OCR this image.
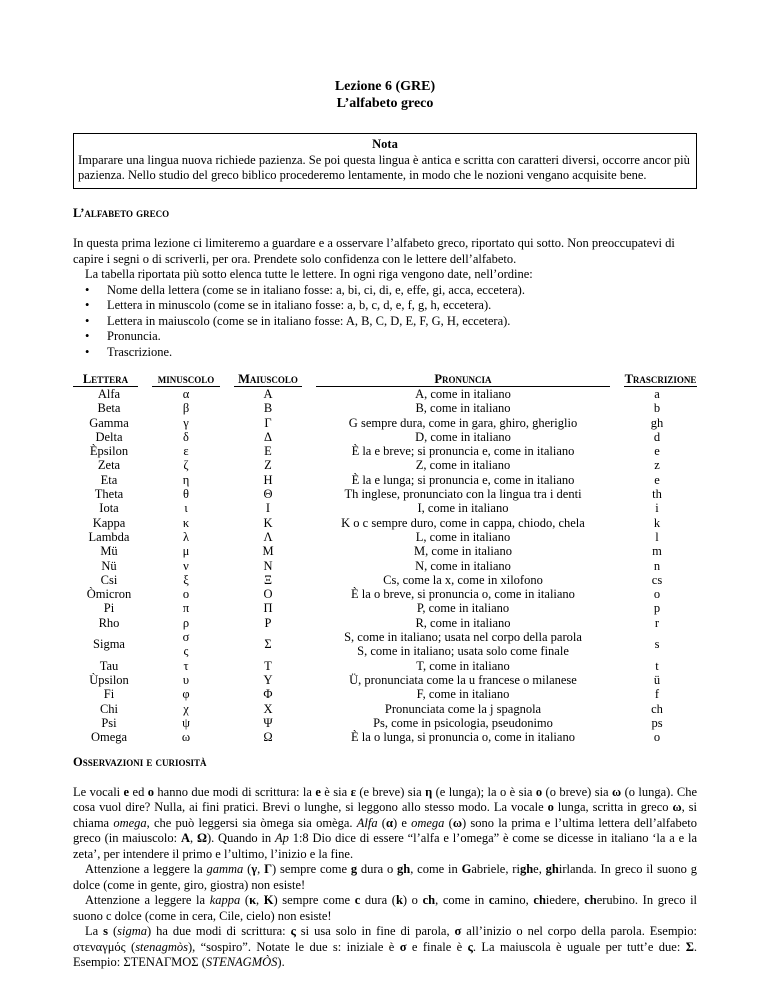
Lezione 6 (GRE)
L’alfabeto greco
Nota
Imparare una lingua nuova richiede pazienza. Se poi questa lingua è antica e scritta con caratteri diversi, occorre ancor più pazienza. Nello studio del greco biblico procederemo lentamente, in modo che le nozioni vengano acquisite bene.
L’alfabeto greco
In questa prima lezione ci limiteremo a guardare e a osservare l’alfabeto greco, riportato qui sotto. Non preoccupatevi di capire i segni o di scriverli, per ora. Prendete solo confidenza con le lettere dell’alfabeto.
La tabella riportata più sotto elenca tutte le lettere. In ogni riga vengono date, nell’ordine:
• Nome della lettera (come se in italiano fosse: a, bi, ci, di, e, effe, gi, acca, eccetera).
• Lettera in minuscolo (come se in italiano fosse: a, b, c, d, e, f, g, h, eccetera).
• Lettera in maiuscolo (come se in italiano fosse: A, B, C, D, E, F, G, H, eccetera).
• Pronuncia.
• Trascrizione.
Lettera	minuscolo	Maiuscolo	Pronuncia	Trascrizione
Alfa	α	Α	A, come in italiano	a
Beta	β	Β	B, come in italiano	b
Gamma	γ	Γ	G sempre dura, come in gara, ghiro, gheriglio	gh
Delta	δ	Δ	D, come in italiano	d
Èpsilon	ε	Ε	È la e breve; si pronuncia e, come in italiano	e
Zeta	ζ	Ζ	Z, come in italiano	z
Eta	η	Η	È la e lunga; si pronuncia e, come in italiano	e
Theta	θ	Θ	Th inglese, pronunciato con la lingua tra i denti	th
Iota	ι	Ι	I, come in italiano	i
Kappa	κ	Κ	K o c sempre duro, come in cappa, chiodo, chela	k
Lambda	λ	Λ	L, come in italiano	l
Mü	μ	Μ	M, come in italiano	m
Nü	ν	Ν	N, come in italiano	n
Csi	ξ	Ξ	Cs, come la x, come in xilofono	cs
Òmicron	ο	Ο	È la o breve, si pronuncia o, come in italiano	o
Pi	π	Π	P, come in italiano	p
Rho	ρ	Ρ	R, come in italiano	r
Sigma	σ	Σ	S, come in italiano; usata nel corpo della parola	s
	ς		S, come in italiano; usata solo come finale	
Tau	τ	Τ	T, come in italiano	t
Ùpsilon	υ	Υ	Ü, pronunciata come la u francese o milanese	ü
Fi	φ	Φ	F, come in italiano	f
Chi	χ	Χ	Pronunciata come la j spagnola	ch
Psi	ψ	Ψ	Ps, come in psicologia, pseudonimo	ps
Omega	ω	Ω	È la o lunga, si pronuncia o, come in italiano	o
Osservazioni e curiosità

Le vocali e ed o hanno due modi di scrittura: la e è sia ε (e breve) sia η (e lunga); la o è sia ο (o breve) sia ω (o lunga). Che cosa vuol dire? Nulla, ai fini pratici. Brevi o lunghe, si leggono allo stesso modo. La vocale o lunga, scritta in greco ω, si chiama omega, che può leggersi sia òmega sia omèga. Alfa (α) e omega (ω) sono la prima e l’ultima lettera dell’alfabeto greco (in maiuscolo: Α, Ω). Quando in Ap 1:8 Dio dice di essere “l’alfa e l’omega” è come se dicesse in italiano ‘la a e la zeta’, per intendere il primo e l’ultimo, l’inizio e la fine.

Attenzione a leggere la gamma (γ, Γ) sempre come g dura o gh, come in Gabriele, righe, ghirlanda. In greco il suono g dolce (come in gente, giro, giostra) non esiste!

Attenzione a leggere la kappa (κ, Κ) sempre come c dura (k) o ch, come in camino, chiedere, cherubino. In greco il suono c dolce (come in cera, Cile, cielo) non esiste!

La s (sigma) ha due modi di scrittura: ς si usa solo in fine di parola, σ all’inizio o nel corpo della parola. Esempio: στεναγμός (stenagmòs), “sospiro”. Notate le due s: iniziale è σ e finale è ς. La maiuscola è uguale per tutt’e due: Σ. Esempio: ΣΤΕΝΑΓΜΟΣ (STENAGMÒS).
